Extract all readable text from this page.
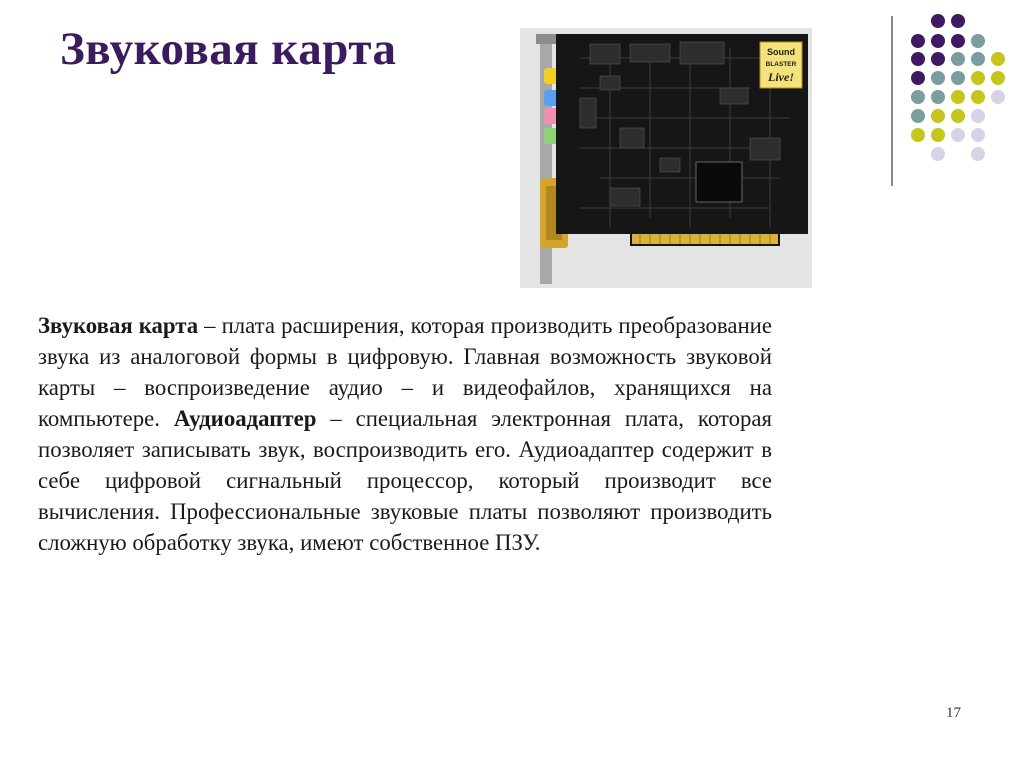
Звуковая карта	Sound
BLASTER
Live!

Звуковая карта – плата расширения, которая производить преобразование звука из аналоговой формы в цифровую. Главная возможность звуковой карты – воспроизведение аудио – и видеофайлов, хранящихся на компьютере. Аудиоадаптер – специальная электронная плата, которая позволяет записывать звук, воспроизводить его. Аудиоадаптер содержит в себе цифровой сигнальный процессор, который производит все вычисления. Профессиональные звуковые платы позволяют производить сложную обработку звука, имеют собственное ПЗУ.

17
